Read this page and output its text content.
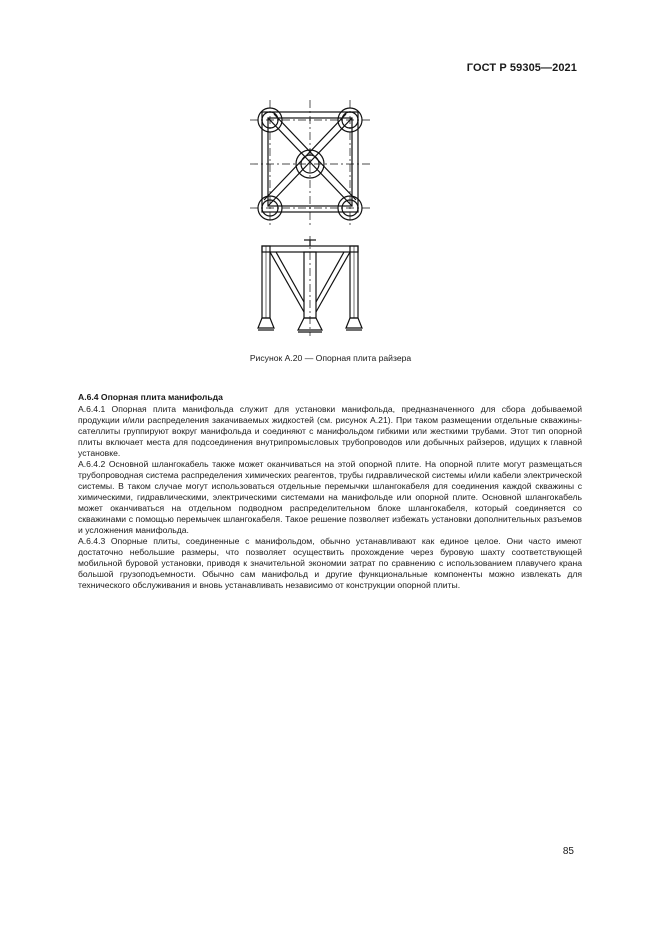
ГОСТ Р 59305—2021
Рисунок А.20 — Опорная плита райзера
А.6.4 Опорная плита манифольда

А.6.4.1 Опорная плита манифольда служит для установки манифольда, предназначенного для сбора добываемой продукции и/или распределения закачиваемых жидкостей (см. рисунок А.21). При таком размещении отдельные скважины-сателлиты группируют вокруг манифольда и соединяют с манифольдом гибкими или жесткими трубами. Этот тип опорной плиты включает места для подсоединения внутрипромысловых трубопроводов или добычных райзеров, идущих к главной установке.

А.6.4.2 Основной шлангокабель также может оканчиваться на этой опорной плите. На опорной плите могут размещаться трубопроводная система распределения химических реагентов, трубы гидравлической системы и/или кабели электрической системы. В таком случае могут использоваться отдельные перемычки шлангокабеля для соединения каждой скважины с химическими, гидравлическими, электрическими системами на манифольде или опорной плите. Основной шлангокабель может оканчиваться на отдельном подводном распределительном блоке шлангокабеля, который соединяется со скважинами с помощью перемычек шлангокабеля. Такое решение позволяет избежать установки дополнительных разъемов и усложнения манифольда.

А.6.4.3 Опорные плиты, соединенные с манифольдом, обычно устанавливают как единое целое. Они часто имеют достаточно небольшие размеры, что позволяет осуществить прохождение через буровую шахту соответствующей мобильной буровой установки, приводя к значительной экономии затрат по сравнению с использованием плавучего крана большой грузоподъемности. Обычно сам манифольд и другие функциональные компоненты можно извлекать для технического обслуживания и вновь устанавливать независимо от конструкции опорной плиты.

85
